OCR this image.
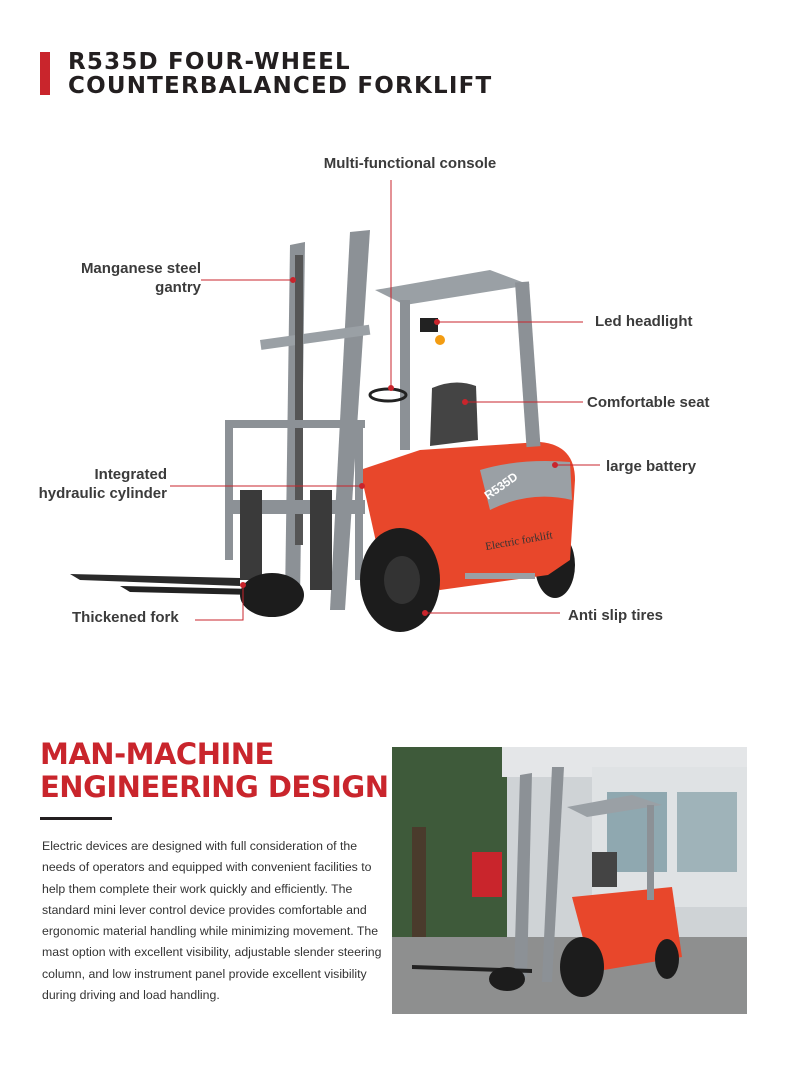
R535D FOUR-WHEEL
COUNTERBALANCED FORKLIFT
R535D
Electric forklift
Multi-functional console
Manganese steel
gantry
Led headlight
Comfortable seat
large battery
Integrated
hydraulic cylinder
Thickened fork	Anti slip tires
MAN-MACHINE
ENGINEERING DESIGN
Electric devices are designed with full consideration of the needs of operators and equipped with convenient facilities to help them complete their work quickly and efficiently. The standard mini lever control device provides comfortable and ergonomic material handling while minimizing movement. The mast option with excellent visibility, adjustable slender steering column, and low instrument panel provide excellent visibility during driving and load handling.
